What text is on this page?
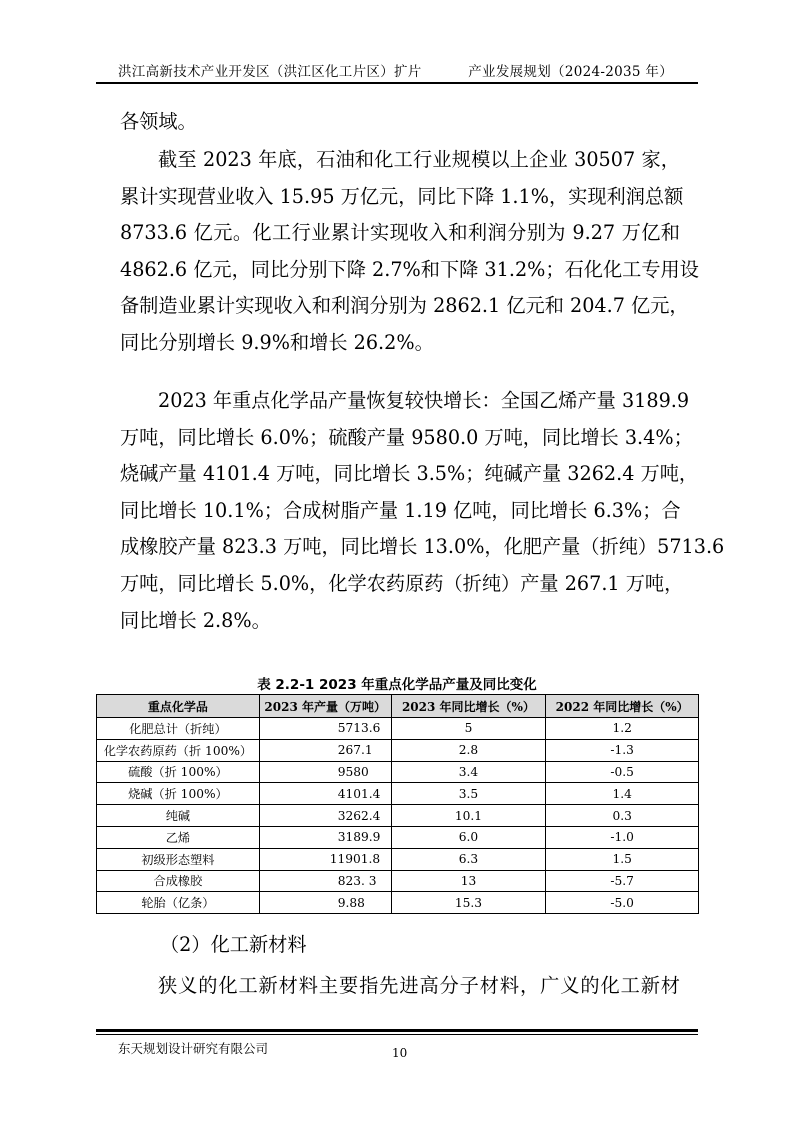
洪江高新技术产业开发区（洪江区化工片区）扩片	产业发展规划（2024-2035 年）
各领域。
截至 2023 年底，石油和化工行业规模以上企业 30507 家，
累计实现营业收入 15.95 万亿元，同比下降 1.1%，实现利润总额
8733.6 亿元。化工行业累计实现收入和利润分别为 9.27 万亿和
4862.6 亿元，同比分别下降 2.7%和下降 31.2%；石化化工专用设
备制造业累计实现收入和利润分别为 2862.1 亿元和 204.7 亿元，
同比分别增长 9.9%和增长 26.2%。
2023 年重点化学品产量恢复较快增长：全国乙烯产量 3189.9
万吨，同比增长 6.0%；硫酸产量 9580.0 万吨，同比增长 3.4%；
烧碱产量 4101.4 万吨，同比增长 3.5%；纯碱产量 3262.4 万吨，
同比增长 10.1%；合成树脂产量 1.19 亿吨，同比增长 6.3%；合
成橡胶产量 823.3 万吨，同比增长 13.0%，化肥产量（折纯）5713.6
万吨，同比增长 5.0%，化学农药原药（折纯）产量 267.1 万吨，
同比增长 2.8%。
表 2.2-1 2023 年重点化学品产量及同比变化
重点化学品	2023 年产量（万吨）	2023 年同比增长（%）	2022 年同比增长（%）
化肥总计（折纯）	5713.6	5	1.2
化学农药原药（折 100%）	267.1	2.8	-1.3
硫酸（折 100%）	9580	3.4	-0.5
烧碱（折 100%）	4101.4	3.5	1.4
纯碱	3262.4	10.1	0.3
乙烯	3189.9	6.0	-1.0
初级形态塑料	11901.8	6.3	1.5
合成橡胶	823. 3	13	-5.7
轮胎（亿条）	9.88	15.3	-5.0
（2）化工新材料
狭义的化工新材料主要指先进高分子材料，广义的化工新材
东天规划设计研究有限公司	10
